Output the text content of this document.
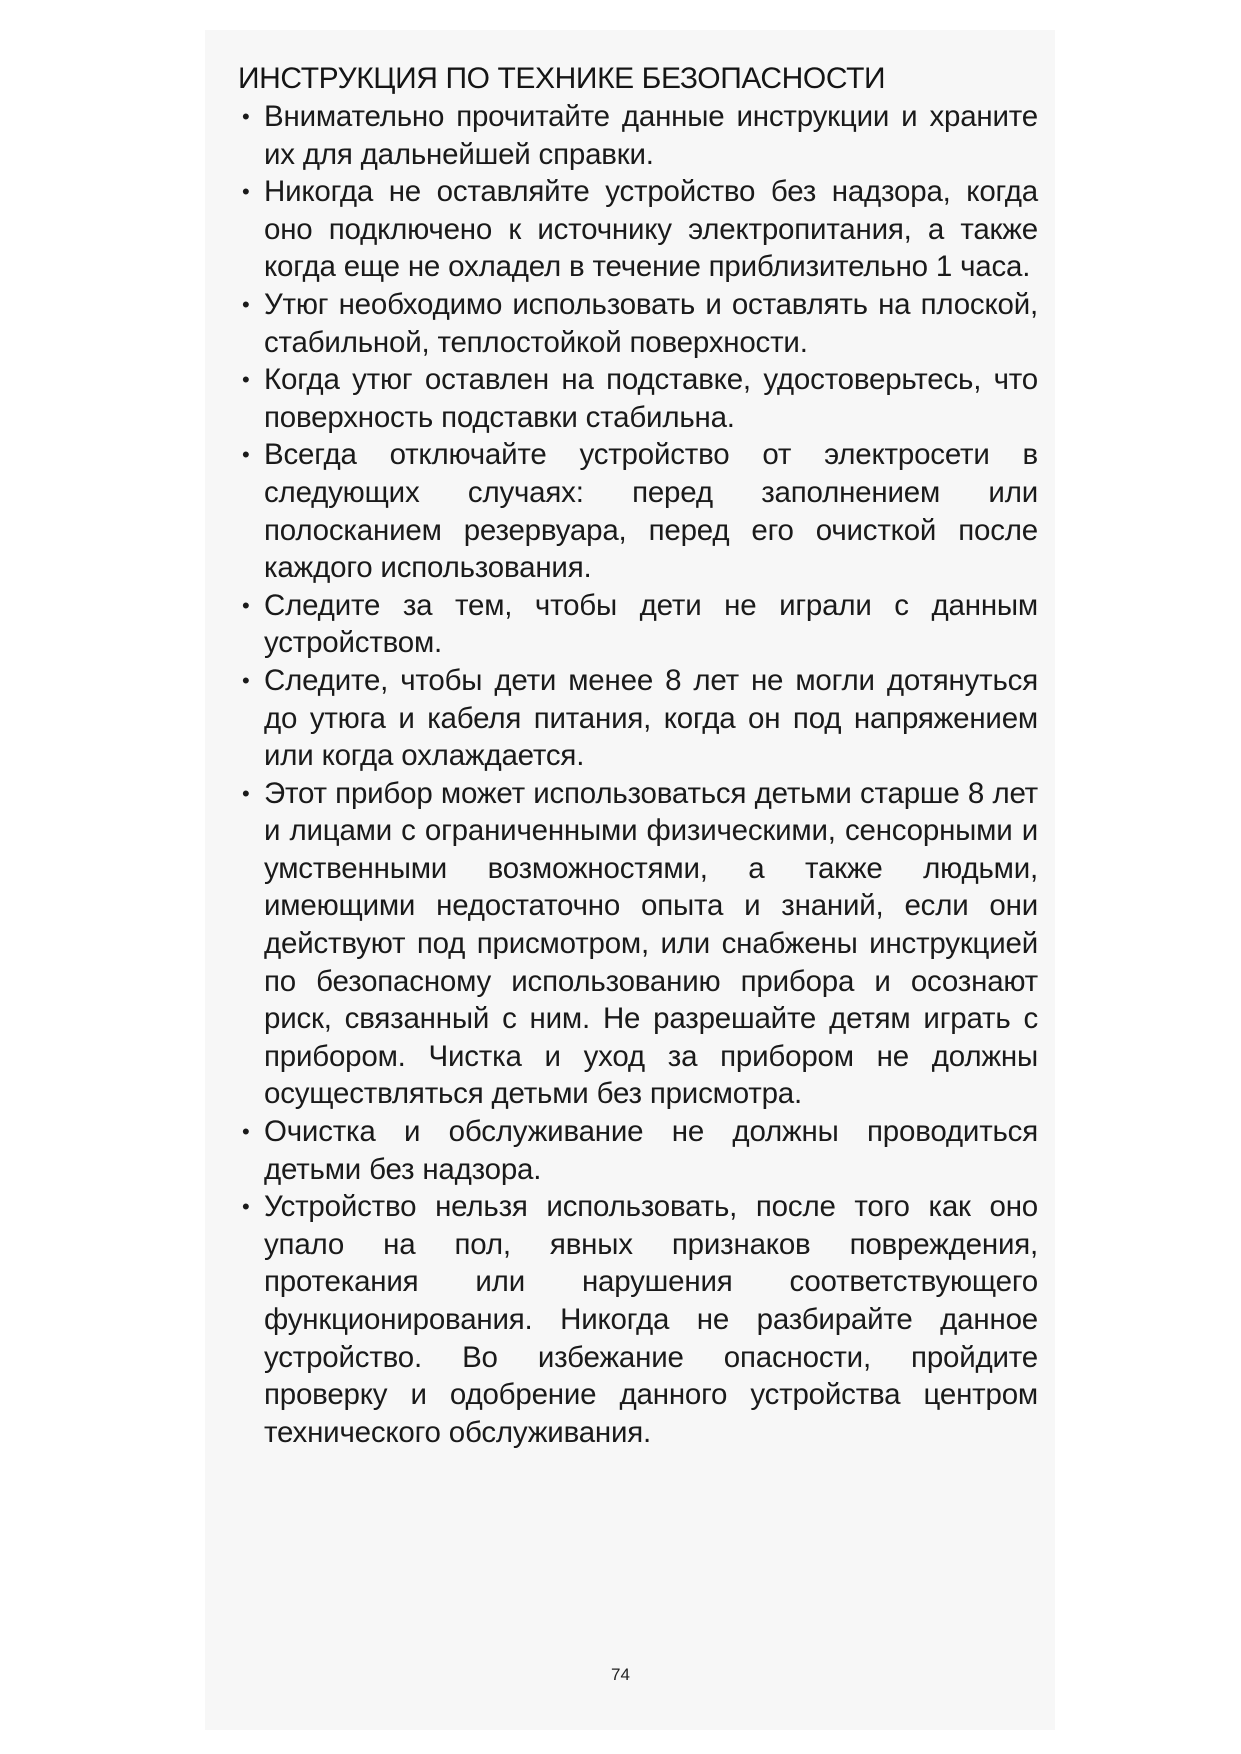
ИНСТРУКЦИЯ ПО ТЕХНИКЕ БЕЗОПАСНОСТИ
• Внимательно прочитайте данные инструкции и храните их для дальнейшей справки.
• Никогда не оставляйте устройство без надзора, когда оно подключено к источнику электропитания, а также когда еще не охладел в течение приблизительно 1 часа.
• Утюг необходимо использовать и оставлять на плоской, стабильной, теплостойкой поверхности.
• Когда утюг оставлен на подставке, удостоверьтесь, что поверхность подставки стабильна.
• Всегда отключайте устройство от электросети в следующих случаях: перед заполнением или полосканием резервуара, перед его очисткой после каждого использования.
• Следите за тем, чтобы дети не играли с данным устройством.
• Следите, чтобы дети менее 8 лет не могли дотянуться до утюга и кабеля питания, когда он под напряжением или когда охлаждается.
• Этот прибор может использоваться детьми старше 8 лет и лицами с ограниченными физическими, сенсорными и умственными возможностями, а также людьми, имеющими недостаточно опыта и знаний, если они действуют под присмотром, или снабжены инструкцией по безопасному использованию прибора и осознают риск, связанный с ним. Не разрешайте детям играть с прибором. Чистка и уход за прибором не должны осуществляться детьми без присмотра.
• Очистка и обслуживание не должны проводиться детьми без надзора.
• Устройство нельзя использовать, после того как оно упало на пол, явных признаков повреждения, протекания или нарушения соответствующего функционирования. Никогда не разбирайте данное устройство. Во избежание опасности, пройдите проверку и одобрение данного устройства центром технического обслуживания.
74
